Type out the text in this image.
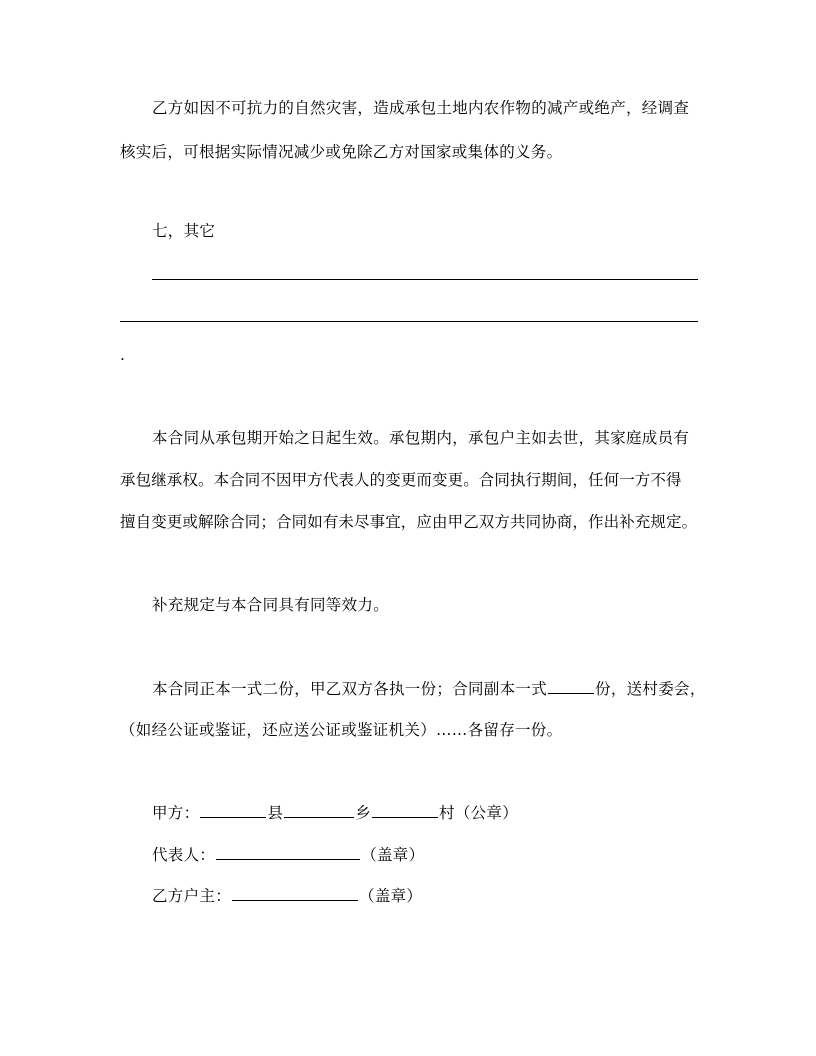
乙方如因不可抗力的自然灾害，造成承包土地内农作物的减产或绝产，经调查
核实后，可根据实际情况减少或免除乙方对国家或集体的义务。
七，其它
.
本合同从承包期开始之日起生效。承包期内，承包户主如去世，其家庭成员有
承包继承权。本合同不因甲方代表人的变更而变更。合同执行期间，任何一方不得
擅自变更或解除合同；合同如有未尽事宜，应由甲乙双方共同协商，作出补充规定。
补充规定与本合同具有同等效力。
本合同正本一式二份，甲乙双方各执一份；合同副本一式	份，送村委会，
（如经公证或鉴证，还应送公证或鉴证机关）……各留存一份。
甲方：	县	乡	村（公章）
代表人：	（盖章）
乙方户主：	（盖章）
